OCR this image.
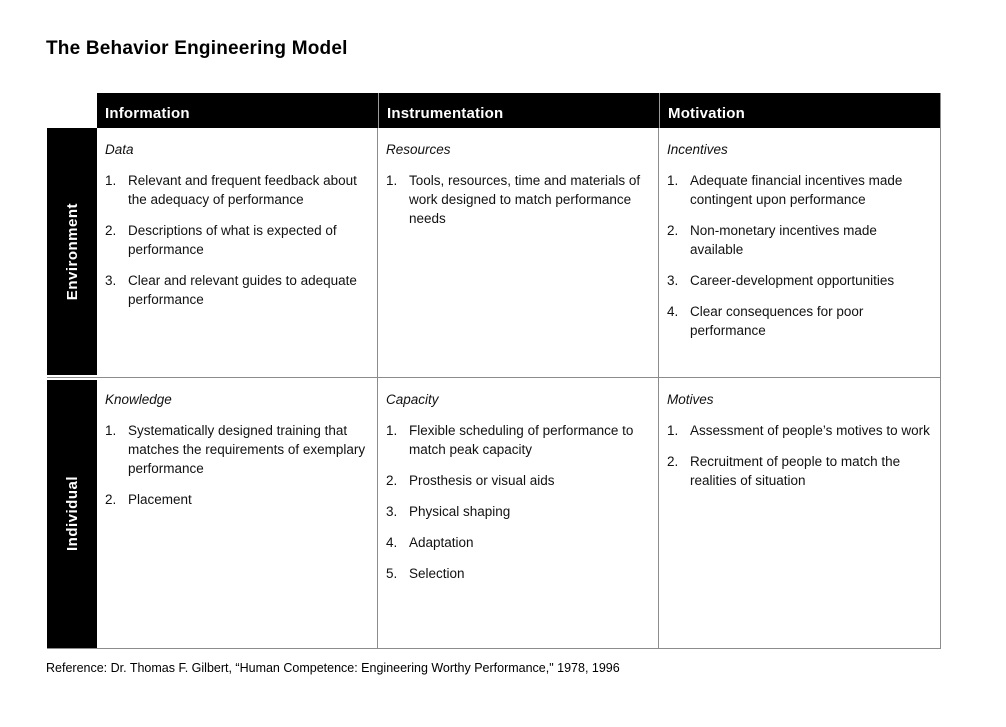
The Behavior Engineering Model
Information	Instrumentation	Motivation
Environment
Data
Relevant and frequent feedback about the adequacy of performance
Descriptions of what is expected of performance
Clear and relevant guides to adequate performance
Resources
Tools, resources, time and materials of work designed to match performance needs
Incentives
Adequate financial incentives made contingent upon performance
Non-monetary incentives made available
Career-development opportunities
Clear consequences for poor performance
Individual
Knowledge
Systematically designed training that matches the requirements of exemplary performance
Placement
Capacity
Flexible scheduling of performance to match peak capacity
Prosthesis or visual aids
Physical shaping
Adaptation
Selection
Motives
Assessment of people’s motives to work
Recruitment of people to match the realities of situation

Reference: Dr. Thomas F. Gilbert, “Human Competence: Engineering Worthy Performance," 1978, 1996
